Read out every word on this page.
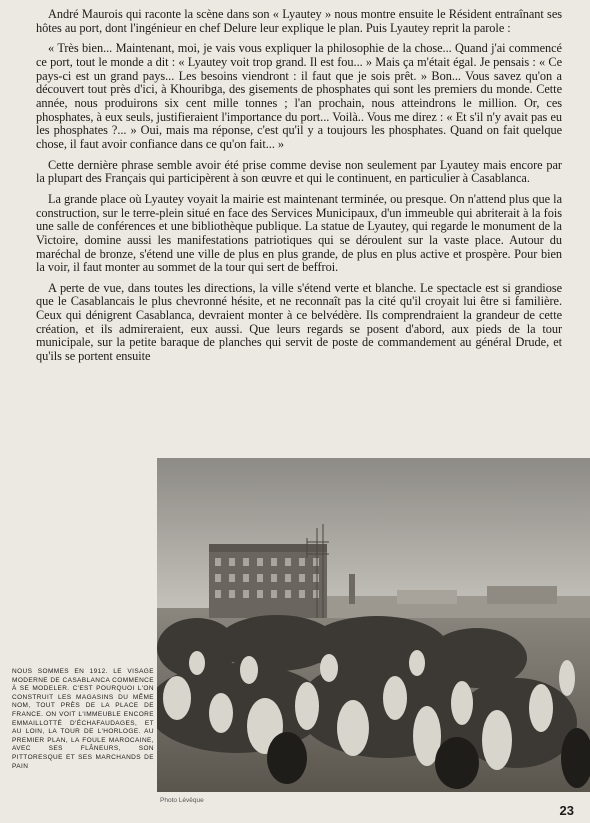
André Maurois qui raconte la scène dans son « Lyautey » nous montre ensuite le Résident entraînant ses hôtes au port, dont l'ingénieur en chef Delure leur explique le plan. Puis Lyautey reprit la parole :

« Très bien... Maintenant, moi, je vais vous expliquer la philosophie de la chose... Quand j'ai commencé ce port, tout le monde a dit : « Lyautey voit trop grand. Il est fou... » Mais ça m'était égal. Je pensais : « Ce pays-ci est un grand pays... Les besoins viendront : il faut que je sois prêt. » Bon... Vous savez qu'on a découvert tout près d'ici, à Khouribga, des gisements de phosphates qui sont les premiers du monde. Cette année, nous produirons six cent mille tonnes ; l'an prochain, nous atteindrons le million. Or, ces phosphates, à eux seuls, justifieraient l'importance du port... Voilà.. Vous me direz : « Et s'il n'y avait pas eu les phosphates ?... » Oui, mais ma réponse, c'est qu'il y a toujours les phosphates. Quand on fait quelque chose, il faut avoir confiance dans ce qu'on fait... »

Cette dernière phrase semble avoir été prise comme devise non seulement par Lyautey mais encore par la plupart des Français qui participèrent à son œuvre et qui le continuent, en particulier à Casablanca.

La grande place où Lyautey voyait la mairie est maintenant terminée, ou presque. On n'attend plus que la construction, sur le terre-plein situé en face des Services Municipaux, d'un immeuble qui abriterait à la fois une salle de conférences et une bibliothèque publique. La statue de Lyautey, qui regarde le monument de la Victoire, domine aussi les manifestations patriotiques qui se déroulent sur la vaste place. Autour du maréchal de bronze, s'étend une ville de plus en plus grande, de plus en plus active et prospère. Pour bien la voir, il faut monter au sommet de la tour qui sert de beffroi.

A perte de vue, dans toutes les directions, la ville s'étend verte et blanche. Le spectacle est si grandiose que le Casablancais le plus chevronné hésite, et ne reconnaît pas la cité qu'il croyait lui être si familière. Ceux qui dénigrent Casablanca, devraient monter à ce belvédère. Ils comprendraient la grandeur de cette création, et ils admireraient, eux aussi. Que leurs regards se posent d'abord, aux pieds de la tour municipale, sur la petite baraque de planches qui servit de poste de commandement au général Drude, et qu'ils se portent ensuite

NOUS SOMMES EN 1912. LE VISAGE MODERNE DE CASABLANCA COMMENCE À SE MODELER. C'EST POURQUOI L'ON CONSTRUIT LES MAGASINS DU MÊME NOM, TOUT PRÈS DE LA PLACE DE FRANCE. ON VOIT L'IMMEUBLE ENCORE EMMAILLOTTÉ D'ÉCHAFAUDAGES, ET AU LOIN, LA TOUR DE L'HORLOGE. AU PREMIER PLAN, LA FOULE MAROCAINE, AVEC SES FLÂNEURS, SON PITTORESQUE ET SES MARCHANDS DE PAIN
Photo Lévêque
23
